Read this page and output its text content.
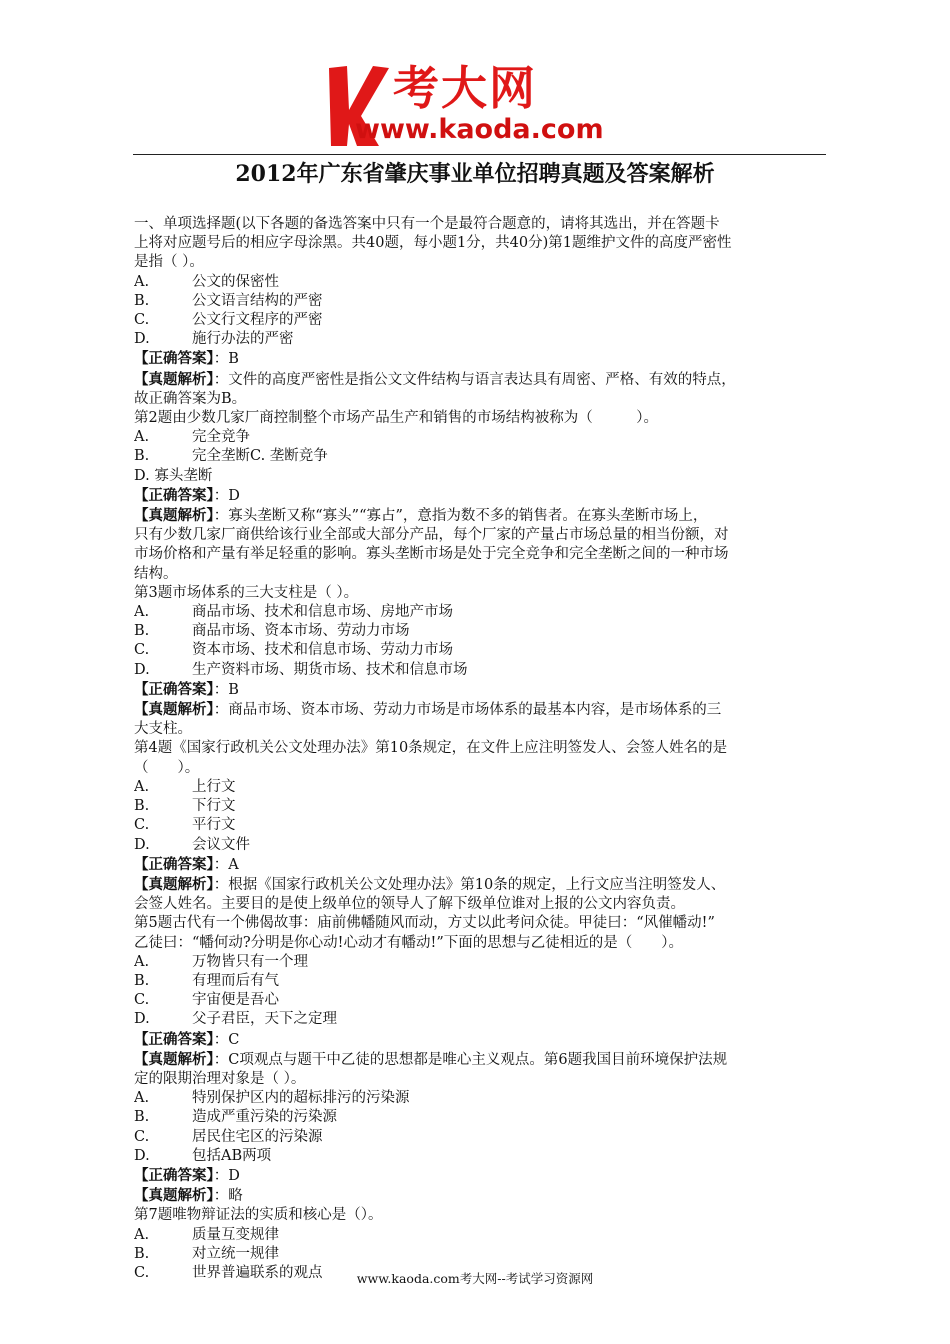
考大网
www.kaoda.com
2012年广东省肇庆事业单位招聘真题及答案解析
一、单项选择题(以下各题的备选答案中只有一个是最符合题意的，请将其选出，并在答题卡
上将对应题号后的相应字母涂黑。共40题，每小题1分，共40分)第1题维护文件的高度严密性
是指（ ）。
A.	公文的保密性
B.	公文语言结构的严密
C.	公文行文程序的严密
D.	施行办法的严密
【正确答案】：B
【真题解析】：文件的高度严密性是指公文文件结构与语言表达具有周密、严格、有效的特点，
故正确答案为B。
第2题由少数几家厂商控制整个市场产品生产和销售的市场结构被称为（　　　）。
A.	完全竞争
B.	完全垄断C. 垄断竞争
D. 寡头垄断
【正确答案】：D
【真题解析】：寡头垄断又称“寡头”“寡占”，意指为数不多的销售者。在寡头垄断市场上，
只有少数几家厂商供给该行业全部或大部分产品，每个厂家的产量占市场总量的相当份额，对
市场价格和产量有举足轻重的影响。寡头垄断市场是处于完全竞争和完全垄断之间的一种市场
结构。
第3题市场体系的三大支柱是（ ）。
A.	商品市场、技术和信息市场、房地产市场
B.	商品市场、资本市场、劳动力市场
C.	资本市场、技术和信息市场、劳动力市场
D.	生产资料市场、期货市场、技术和信息市场
【正确答案】：B
【真题解析】：商品市场、资本市场、劳动力市场是市场体系的最基本内容，是市场体系的三
大支柱。
第4题《国家行政机关公文处理办法》第10条规定，在文件上应注明签发人、会签人姓名的是
（　　）。
A.	上行文
B.	下行文
C.	平行文
D.	会议文件
【正确答案】：A
【真题解析】：根据《国家行政机关公文处理办法》第10条的规定，上行文应当注明签发人、
会签人姓名。主要目的是使上级单位的领导人了解下级单位谁对上报的公文内容负责。
第5题古代有一个佛偈故事：庙前佛幡随风而动，方丈以此考问众徒。甲徒曰：“风催幡动!”
乙徒曰：“幡何动?分明是你心动!心动才有幡动!”下面的思想与乙徒相近的是（　　）。
A.	万物皆只有一个理
B.	有理而后有气
C.	宇宙便是吾心
D.	父子君臣，天下之定理
【正确答案】：C
【真题解析】：C项观点与题干中乙徒的思想都是唯心主义观点。第6题我国目前环境保护法规
定的限期治理对象是（ ）。
A.	特别保护区内的超标排污的污染源
B.	造成严重污染的污染源
C.	居民住宅区的污染源
D.	包括AB两项
【正确答案】：D
【真题解析】：略
第7题唯物辩证法的实质和核心是（）。
A.	质量互变规律
B.	对立统一规律
C.	世界普遍联系的观点	www.kaoda.com考大网--考试学习资源网
